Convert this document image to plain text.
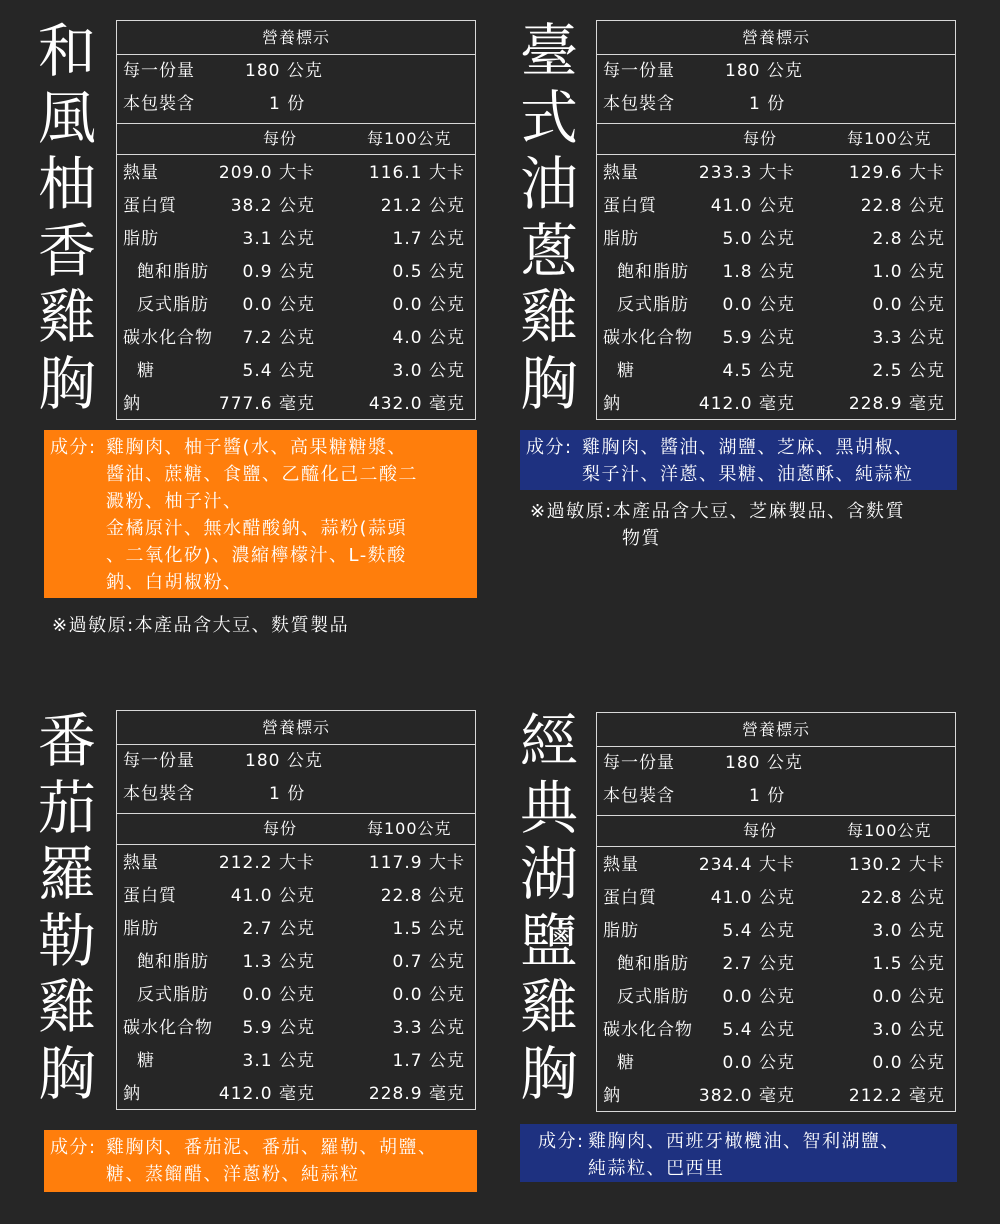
和
風
柚
香
雞
胸
營養標示
每一份量	180 公克
本包裝含	1 份
每份	每100公克
熱量	209.0 大卡	116.1 大卡
蛋白質	38.2 公克	21.2 公克
脂肪	3.1 公克	1.7 公克
飽和脂肪 0.9 公克	0.5 公克
反式脂肪 0.0 公克	0.0 公克
碳水化合物 7.2 公克	4.0 公克
糖	5.4 公克	3.0 公克
鈉	777.6 毫克	432.0 毫克
成分: 雞胸肉、柚子醬(水、高果糖糖漿、
醬油、蔗糖、食鹽、乙醯化己二酸二
澱粉、柚子汁、
金橘原汁、無水醋酸鈉、蒜粉(蒜頭
、二氧化矽)、濃縮檸檬汁、L-麩酸
鈉、白胡椒粉、
※過敏原:本產品含大豆、麩質製品
臺
式
油
蔥
雞
胸
營養標示
每一份量	180 公克
本包裝含	1 份
每份	每100公克
熱量	233.3 大卡	129.6 大卡
蛋白質	41.0 公克	22.8 公克
脂肪	5.0 公克	2.8 公克
飽和脂肪 1.8 公克	1.0 公克
反式脂肪 0.0 公克	0.0 公克
碳水化合物 5.9 公克	3.3 公克
糖	4.5 公克	2.5 公克
鈉	412.0 毫克	228.9 毫克
成分: 雞胸肉、醬油、湖鹽、芝麻、黑胡椒、
梨子汁、洋蔥、果糖、油蔥酥、純蒜粒
※過敏原:本產品含大豆、芝麻製品、含麩質
物質
番
茄
羅
勒
雞
胸
營養標示
每一份量	180 公克
本包裝含	1 份
每份	每100公克
熱量	212.2 大卡	117.9 大卡
蛋白質	41.0 公克	22.8 公克
脂肪	2.7 公克	1.5 公克
飽和脂肪 1.3 公克	0.7 公克
反式脂肪 0.0 公克	0.0 公克
碳水化合物 5.9 公克	3.3 公克
糖	3.1 公克	1.7 公克
鈉	412.0 毫克	228.9 毫克
成分: 雞胸肉、番茄泥、番茄、羅勒、胡鹽、
糖、蒸餾醋、洋蔥粉、純蒜粒
經
典
湖
鹽
雞
胸
營養標示
每一份量	180 公克
本包裝含	1 份
每份	每100公克
熱量	234.4 大卡	130.2 大卡
蛋白質	41.0 公克	22.8 公克
脂肪	5.4 公克	3.0 公克
飽和脂肪 2.7 公克	1.5 公克
反式脂肪 0.0 公克	0.0 公克
碳水化合物 5.4 公克	3.0 公克
糖	0.0 公克	0.0 公克
鈉	382.0 毫克	212.2 毫克
成分: 雞胸肉、西班牙橄欖油、智利湖鹽、
純蒜粒、巴西里
